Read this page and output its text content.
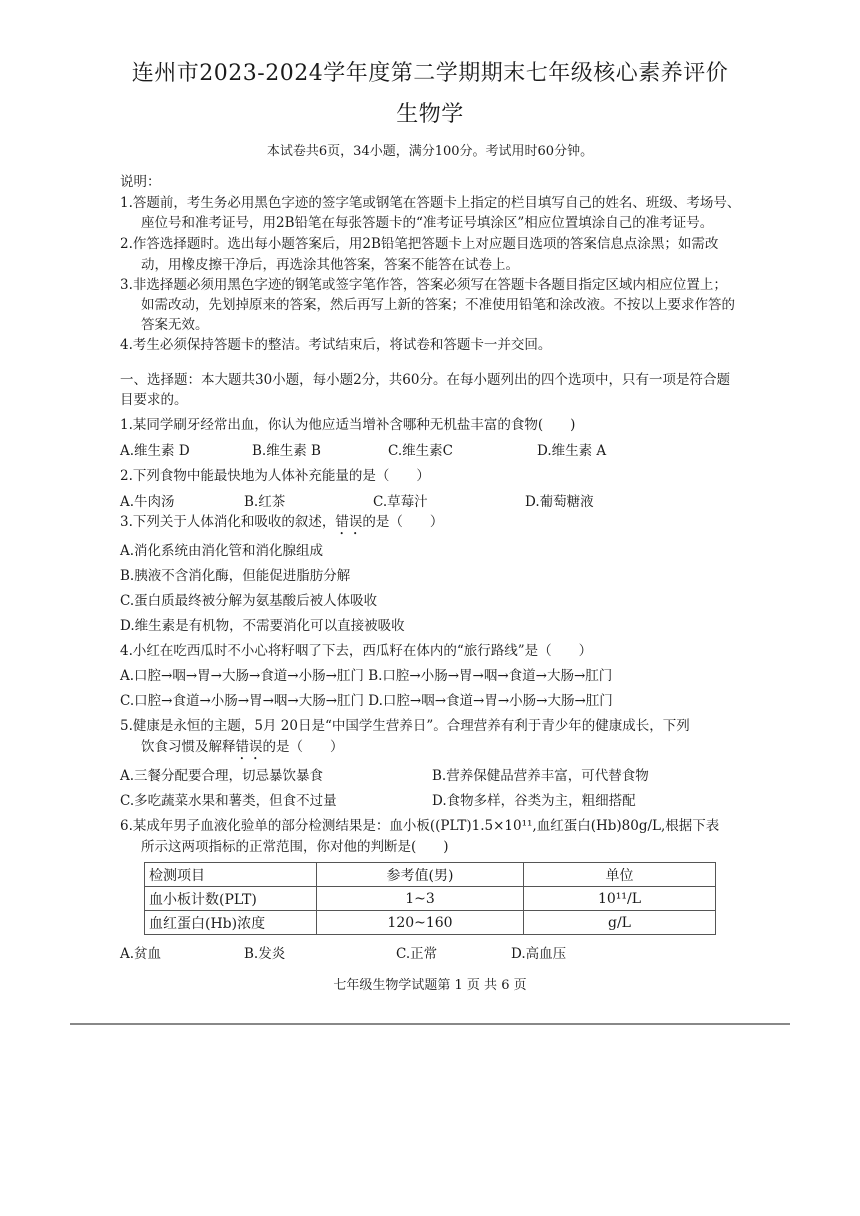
连州市2023-2024学年度第二学期期末七年级核心素养评价
生物学
本试卷共6页，34小题，满分100分。考试用时60分钟。
说明：
1.答题前，考生务必用黑色字迹的签字笔或钢笔在答题卡上指定的栏目填写自己的姓名、班级、考场号、
座位号和准考证号，用2B铅笔在每张答题卡的“准考证号填涂区”相应位置填涂自己的准考证号。
2.作答选择题时。选出每小题答案后，用2B铅笔把答题卡上对应题目选项的答案信息点涂黑；如需改
动，用橡皮擦干净后，再选涂其他答案，答案不能答在试卷上。
3.非选择题必须用黑色字迹的钢笔或签字笔作答，答案必须写在答题卡各题目指定区域内相应位置上；
如需改动，先划掉原来的答案，然后再写上新的答案；不准使用铅笔和涂改液。不按以上要求作答的
答案无效。
4.考生必须保持答题卡的整洁。考试结束后，将试卷和答题卡一并交回。
一、选择题：本大题共30小题，每小题2分，共60分。在每小题列出的四个选项中，只有一项是符合题
目要求的。
1.某同学刷牙经常出血，你认为他应适当增补含哪种无机盐丰富的食物(　　)
A.维生素 D	B.维生素 B	C.维生素C	D.维生素 A
2.下列食物中能最快地为人体补充能量的是（　　）
A.牛肉汤	B.红茶	C.草莓汁	D.葡萄糖液
3.下列关于人体消化和吸收的叙述，错误的是（　　）
A.消化系统由消化管和消化腺组成
B.胰液不含消化酶，但能促进脂肪分解
C.蛋白质最终被分解为氨基酸后被人体吸收
D.维生素是有机物，不需要消化可以直接被吸收
4.小红在吃西瓜时不小心将籽咽了下去，西瓜籽在体内的“旅行路线”是（　　）
A.口腔→咽→胃→大肠→食道→小肠→肛门 B.口腔→小肠→胃→咽→食道→大肠→肛门
C.口腔→食道→小肠→胃→咽→大肠→肛门 D.口腔→咽→食道→胃→小肠→大肠→肛门
5.健康是永恒的主题，5月 20日是“中国学生营养日”。合理营养有利于青少年的健康成长，下列
饮食习惯及解释错误的是（　　）
A.三餐分配要合理，切忌暴饮暴食	B.营养保健品营养丰富，可代替食物
C.多吃蔬菜水果和薯类，但食不过量	D.食物多样，谷类为主，粗细搭配
6.某成年男子血液化验单的部分检测结果是：血小板((PLT)1.5×10¹¹,血红蛋白(Hb)80g/L,根据下表
所示这两项指标的正常范围，你对他的判断是(　　)
检测项目	参考值(男)	单位
血小板计数(PLT)	1~3	10¹¹/L
血红蛋白(Hb)浓度	120~160	g/L
A.贫血	B.发炎	C.正常	D.高血压
七年级生物学试题第 1 页 共 6 页
